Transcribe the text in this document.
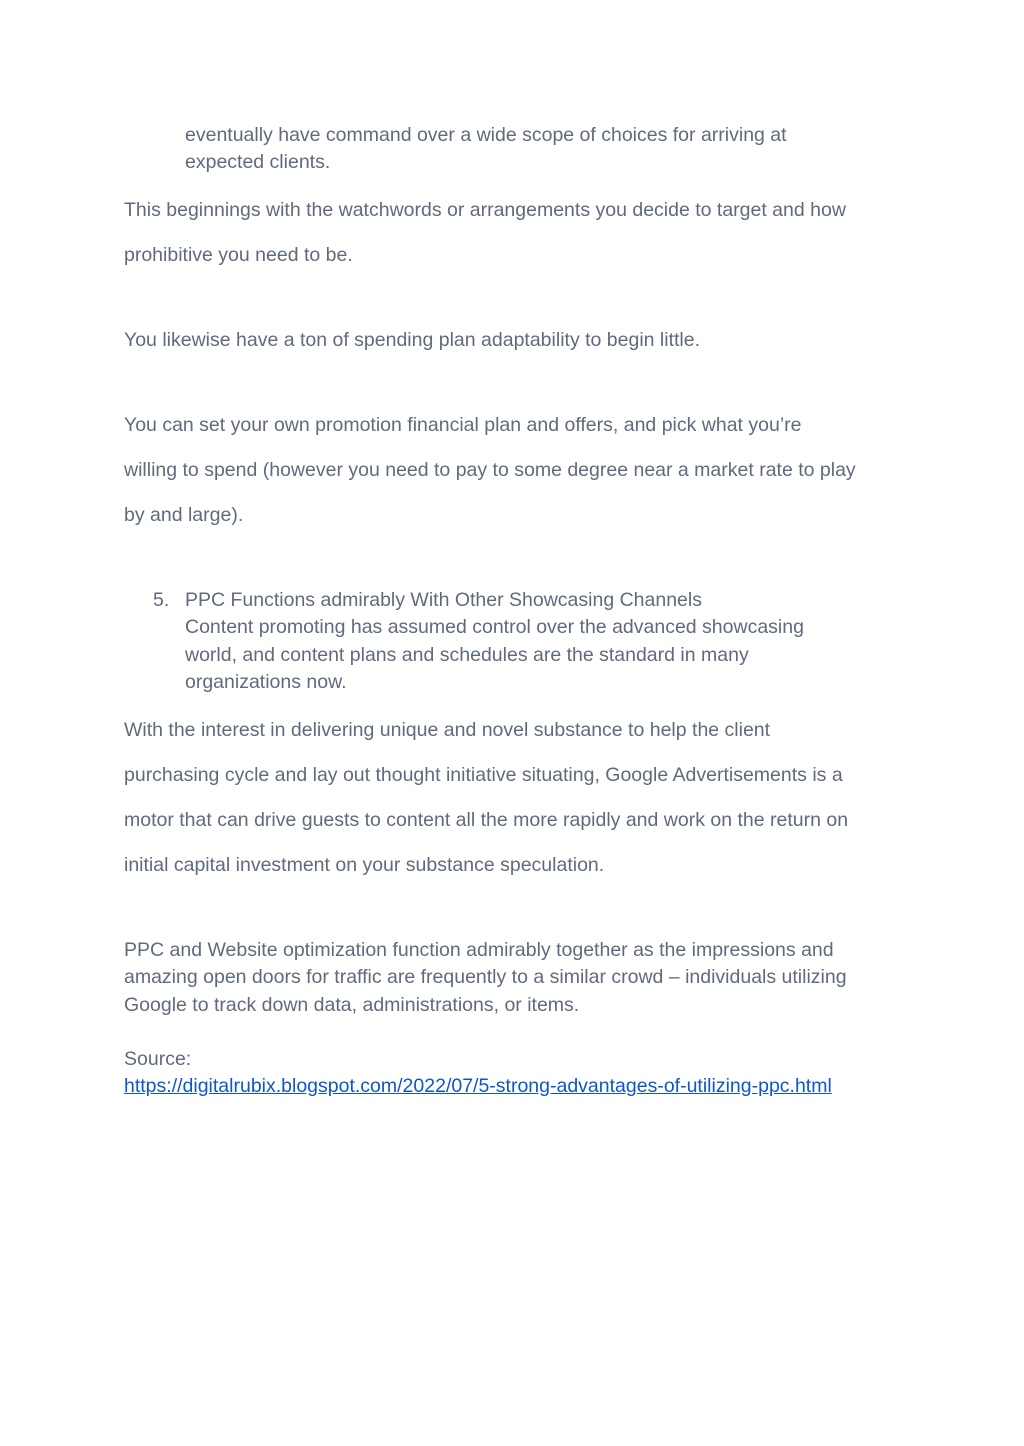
eventually have command over a wide scope of choices for arriving at
expected clients.
This beginnings with the watchwords or arrangements you decide to target and how
prohibitive you need to be.
You likewise have a ton of spending plan adaptability to begin little.
You can set your own promotion financial plan and offers, and pick what you’re
willing to spend (however you need to pay to some degree near a market rate to play
by and large).
5. PPC Functions admirably With Other Showcasing Channels
Content promoting has assumed control over the advanced showcasing
world, and content plans and schedules are the standard in many
organizations now.
With the interest in delivering unique and novel substance to help the client
purchasing cycle and lay out thought initiative situating, Google Advertisements is a
motor that can drive guests to content all the more rapidly and work on the return on
initial capital investment on your substance speculation.
PPC and Website optimization function admirably together as the impressions and
amazing open doors for traffic are frequently to a similar crowd – individuals utilizing
Google to track down data, administrations, or items.
Source:
https://digitalrubix.blogspot.com/2022/07/5-strong-advantages-of-utilizing-ppc.html
